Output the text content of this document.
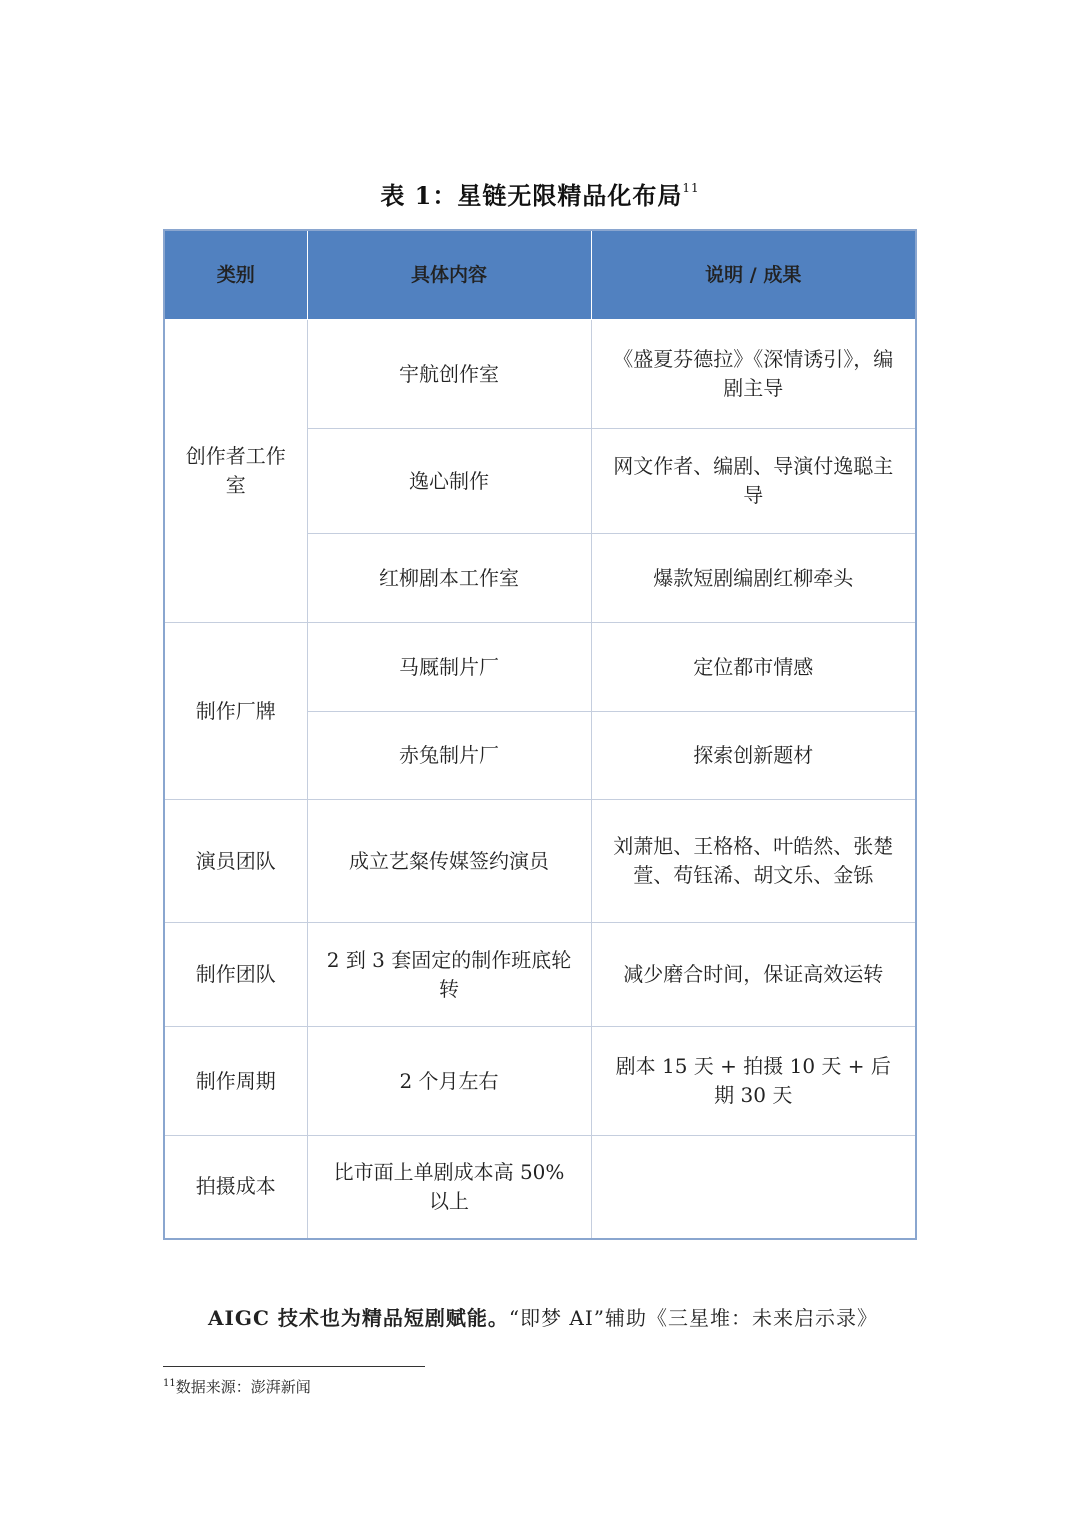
表 1：星链无限精品化布局$^{11}$
类别	具体内容	说明 / 成果
创作者工作室	宇航创作室	《盛夏芬德拉》《深情诱引》，编剧主导
	逸心制作	网文作者、编剧、导演付逸聪主导
	红柳剧本工作室	爆款短剧编剧红柳牵头
制作厂牌	马厩制片厂	定位都市情感
	赤兔制片厂	探索创新题材
演员团队	成立艺粲传媒签约演员	刘萧旭、王格格、叶皓然、张楚萱、苟钰浠、胡文乐、金铄
制作团队	2 到 3 套固定的制作班底轮转	减少磨合时间，保证高效运转
制作周期	2 个月左右	剧本 15 天 + 拍摄 10 天 + 后期 30 天
拍摄成本	比市面上单剧成本高 50% 以上	
AIGC 技术也为精品短剧赋能。“即梦 AI”辅助《三星堆：未来启示录》
$^{11}$数据来源：澎湃新闻
